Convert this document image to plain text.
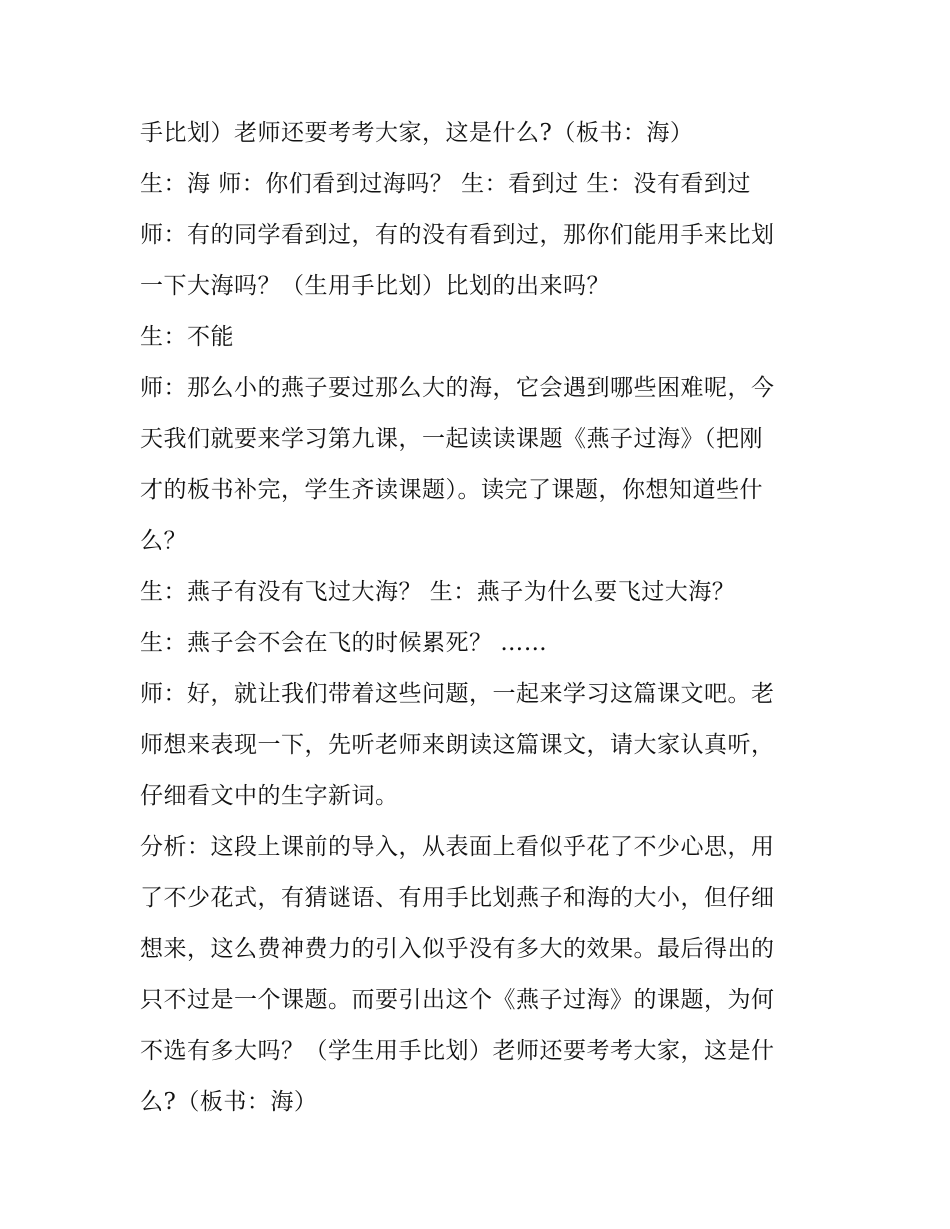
手比划）老师还要考考大家，这是什么?（板书：海）
生：海 师：你们看到过海吗？ 生：看到过 生：没有看到过
师：有的同学看到过，有的没有看到过，那你们能用手来比划
一下大海吗？（生用手比划）比划的出来吗？
生：不能
师：那么小的燕子要过那么大的海，它会遇到哪些困难呢，今
天我们就要来学习第九课，一起读读课题《燕子过海》（把刚
才的板书补完，学生齐读课题）。读完了课题，你想知道些什
么？
生：燕子有没有飞过大海？ 生：燕子为什么要飞过大海？
生：燕子会不会在飞的时候累死？ ……
师：好，就让我们带着这些问题，一起来学习这篇课文吧。老
师想来表现一下，先听老师来朗读这篇课文，请大家认真听，
仔细看文中的生字新词。
分析：这段上课前的导入，从表面上看似乎花了不少心思，用
了不少花式，有猜谜语、有用手比划燕子和海的大小，但仔细
想来，这么费神费力的引入似乎没有多大的效果。最后得出的
只不过是一个课题。而要引出这个《燕子过海》的课题，为何
不选有多大吗？（学生用手比划）老师还要考考大家，这是什
么?（板书：海）
